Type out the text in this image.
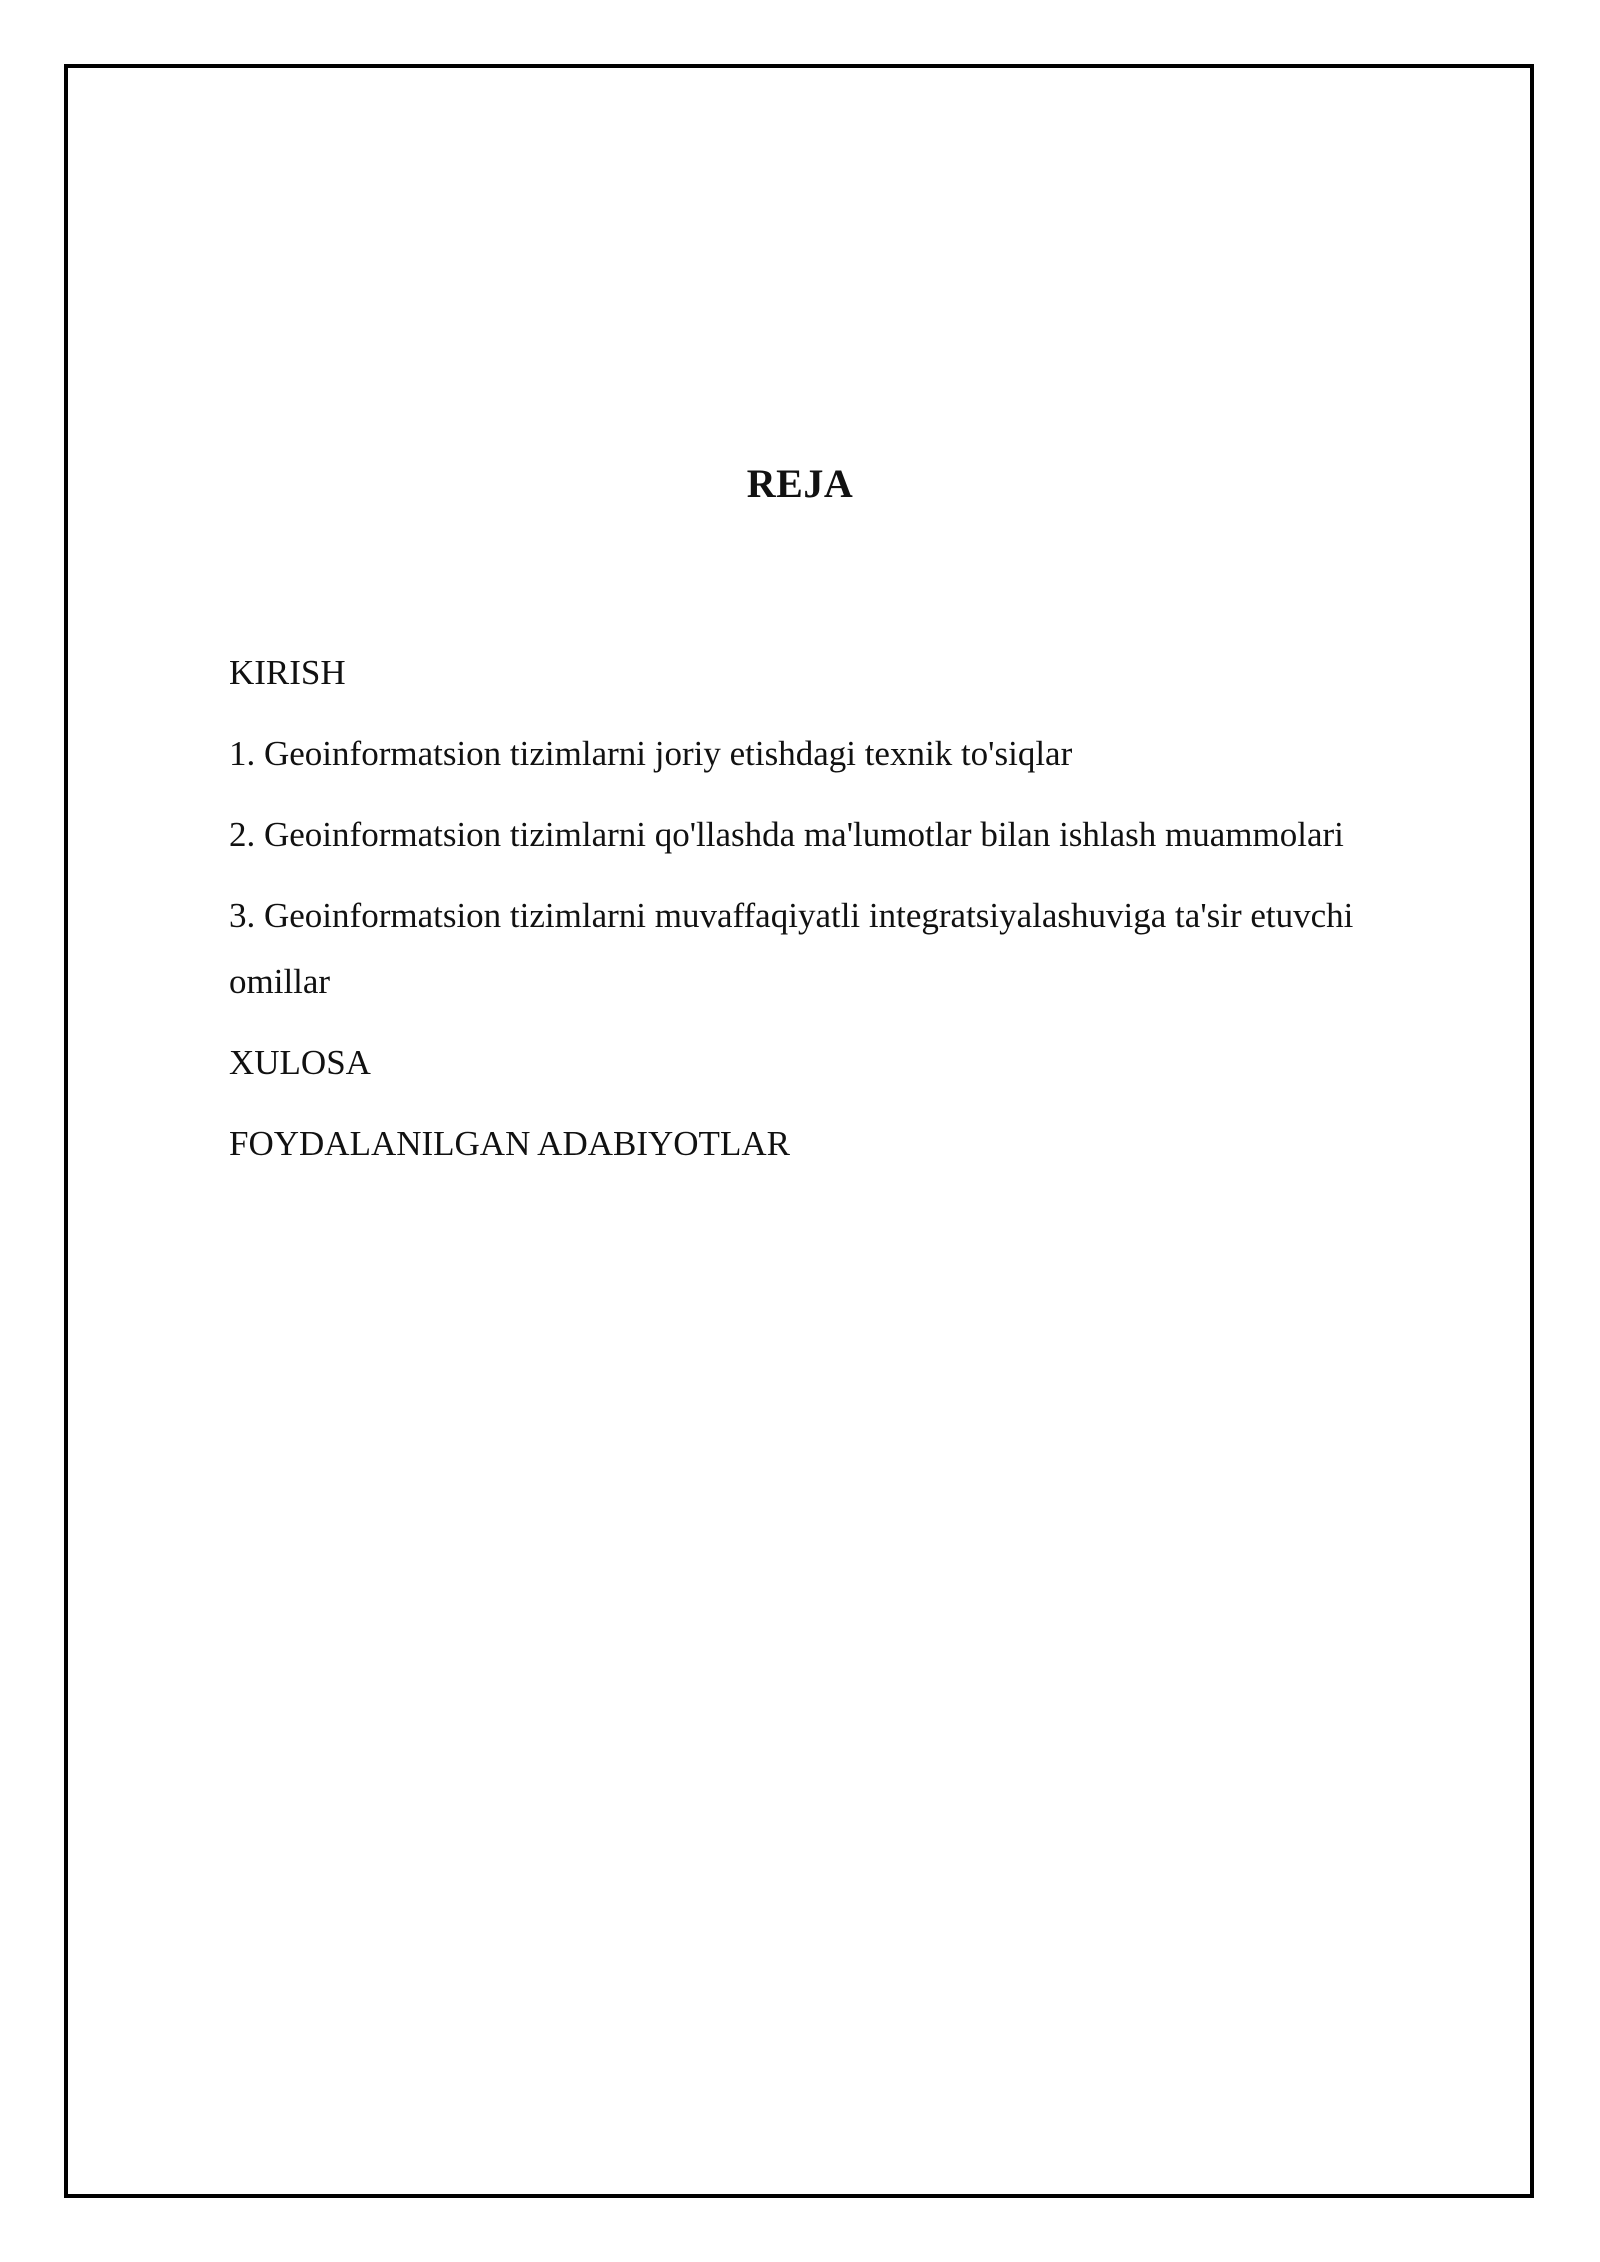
REJA
KIRISH
1. Geoinformatsion tizimlarni joriy etishdagi texnik to'siqlar
2. Geoinformatsion tizimlarni qo'llashda ma'lumotlar bilan ishlash muammolari
3. Geoinformatsion tizimlarni muvaffaqiyatli integratsiyalashuviga ta'sir etuvchi omillar
XULOSA
FOYDALANILGAN ADABIYOTLAR
